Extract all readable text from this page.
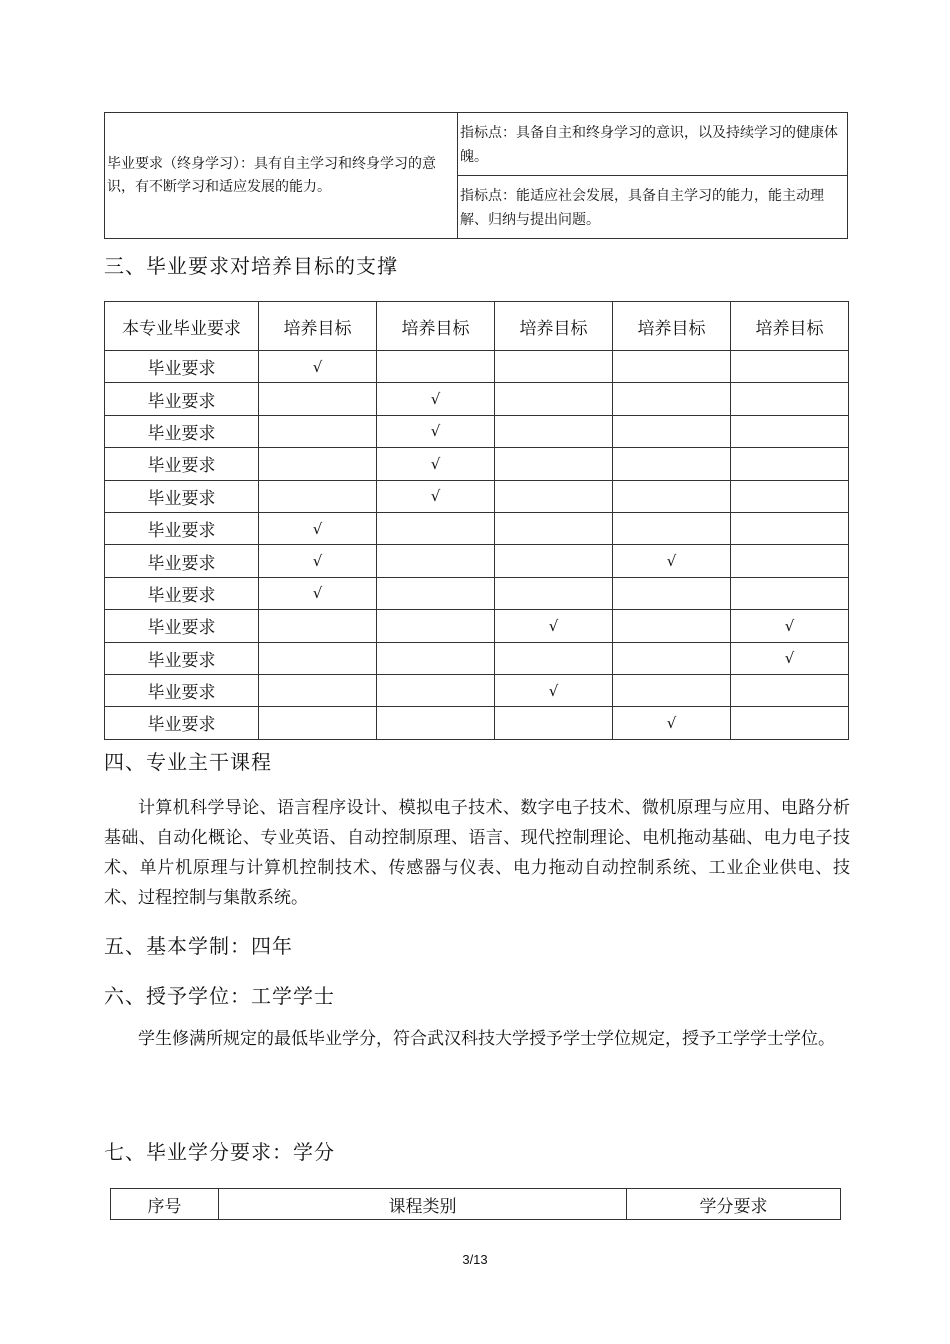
毕业要求（终身学习）：具有自主学习和终身学习的意识，有不断学习和适应发展的能力。	指标点：具备自主和终身学习的意识，以及持续学习的健康体魄。
指标点：能适应社会发展，具备自主学习的能力，能主动理解、归纳与提出问题。
三、毕业要求对培养目标的支撑
本专业毕业要求	培养目标	培养目标	培养目标	培养目标	培养目标
毕业要求	√				
毕业要求		√			
毕业要求		√			
毕业要求		√			
毕业要求		√			
毕业要求	√				
毕业要求	√			√	
毕业要求	√				
毕业要求			√		√
毕业要求					√
毕业要求			√		
毕业要求				√	
四、专业主干课程
计算机科学导论、语言程序设计、模拟电子技术、数字电子技术、微机原理与应用、电路分析基础、自动化概论、专业英语、自动控制原理、语言、现代控制理论、电机拖动基础、电力电子技术、单片机原理与计算机控制技术、传感器与仪表、电力拖动自动控制系统、工业企业供电、技术、过程控制与集散系统。
五、基本学制：四年
六、授予学位：工学学士
学生修满所规定的最低毕业学分，符合武汉科技大学授予学士学位规定，授予工学学士学位。
七、毕业学分要求：学分
序号	课程类别	学分要求
3/13
